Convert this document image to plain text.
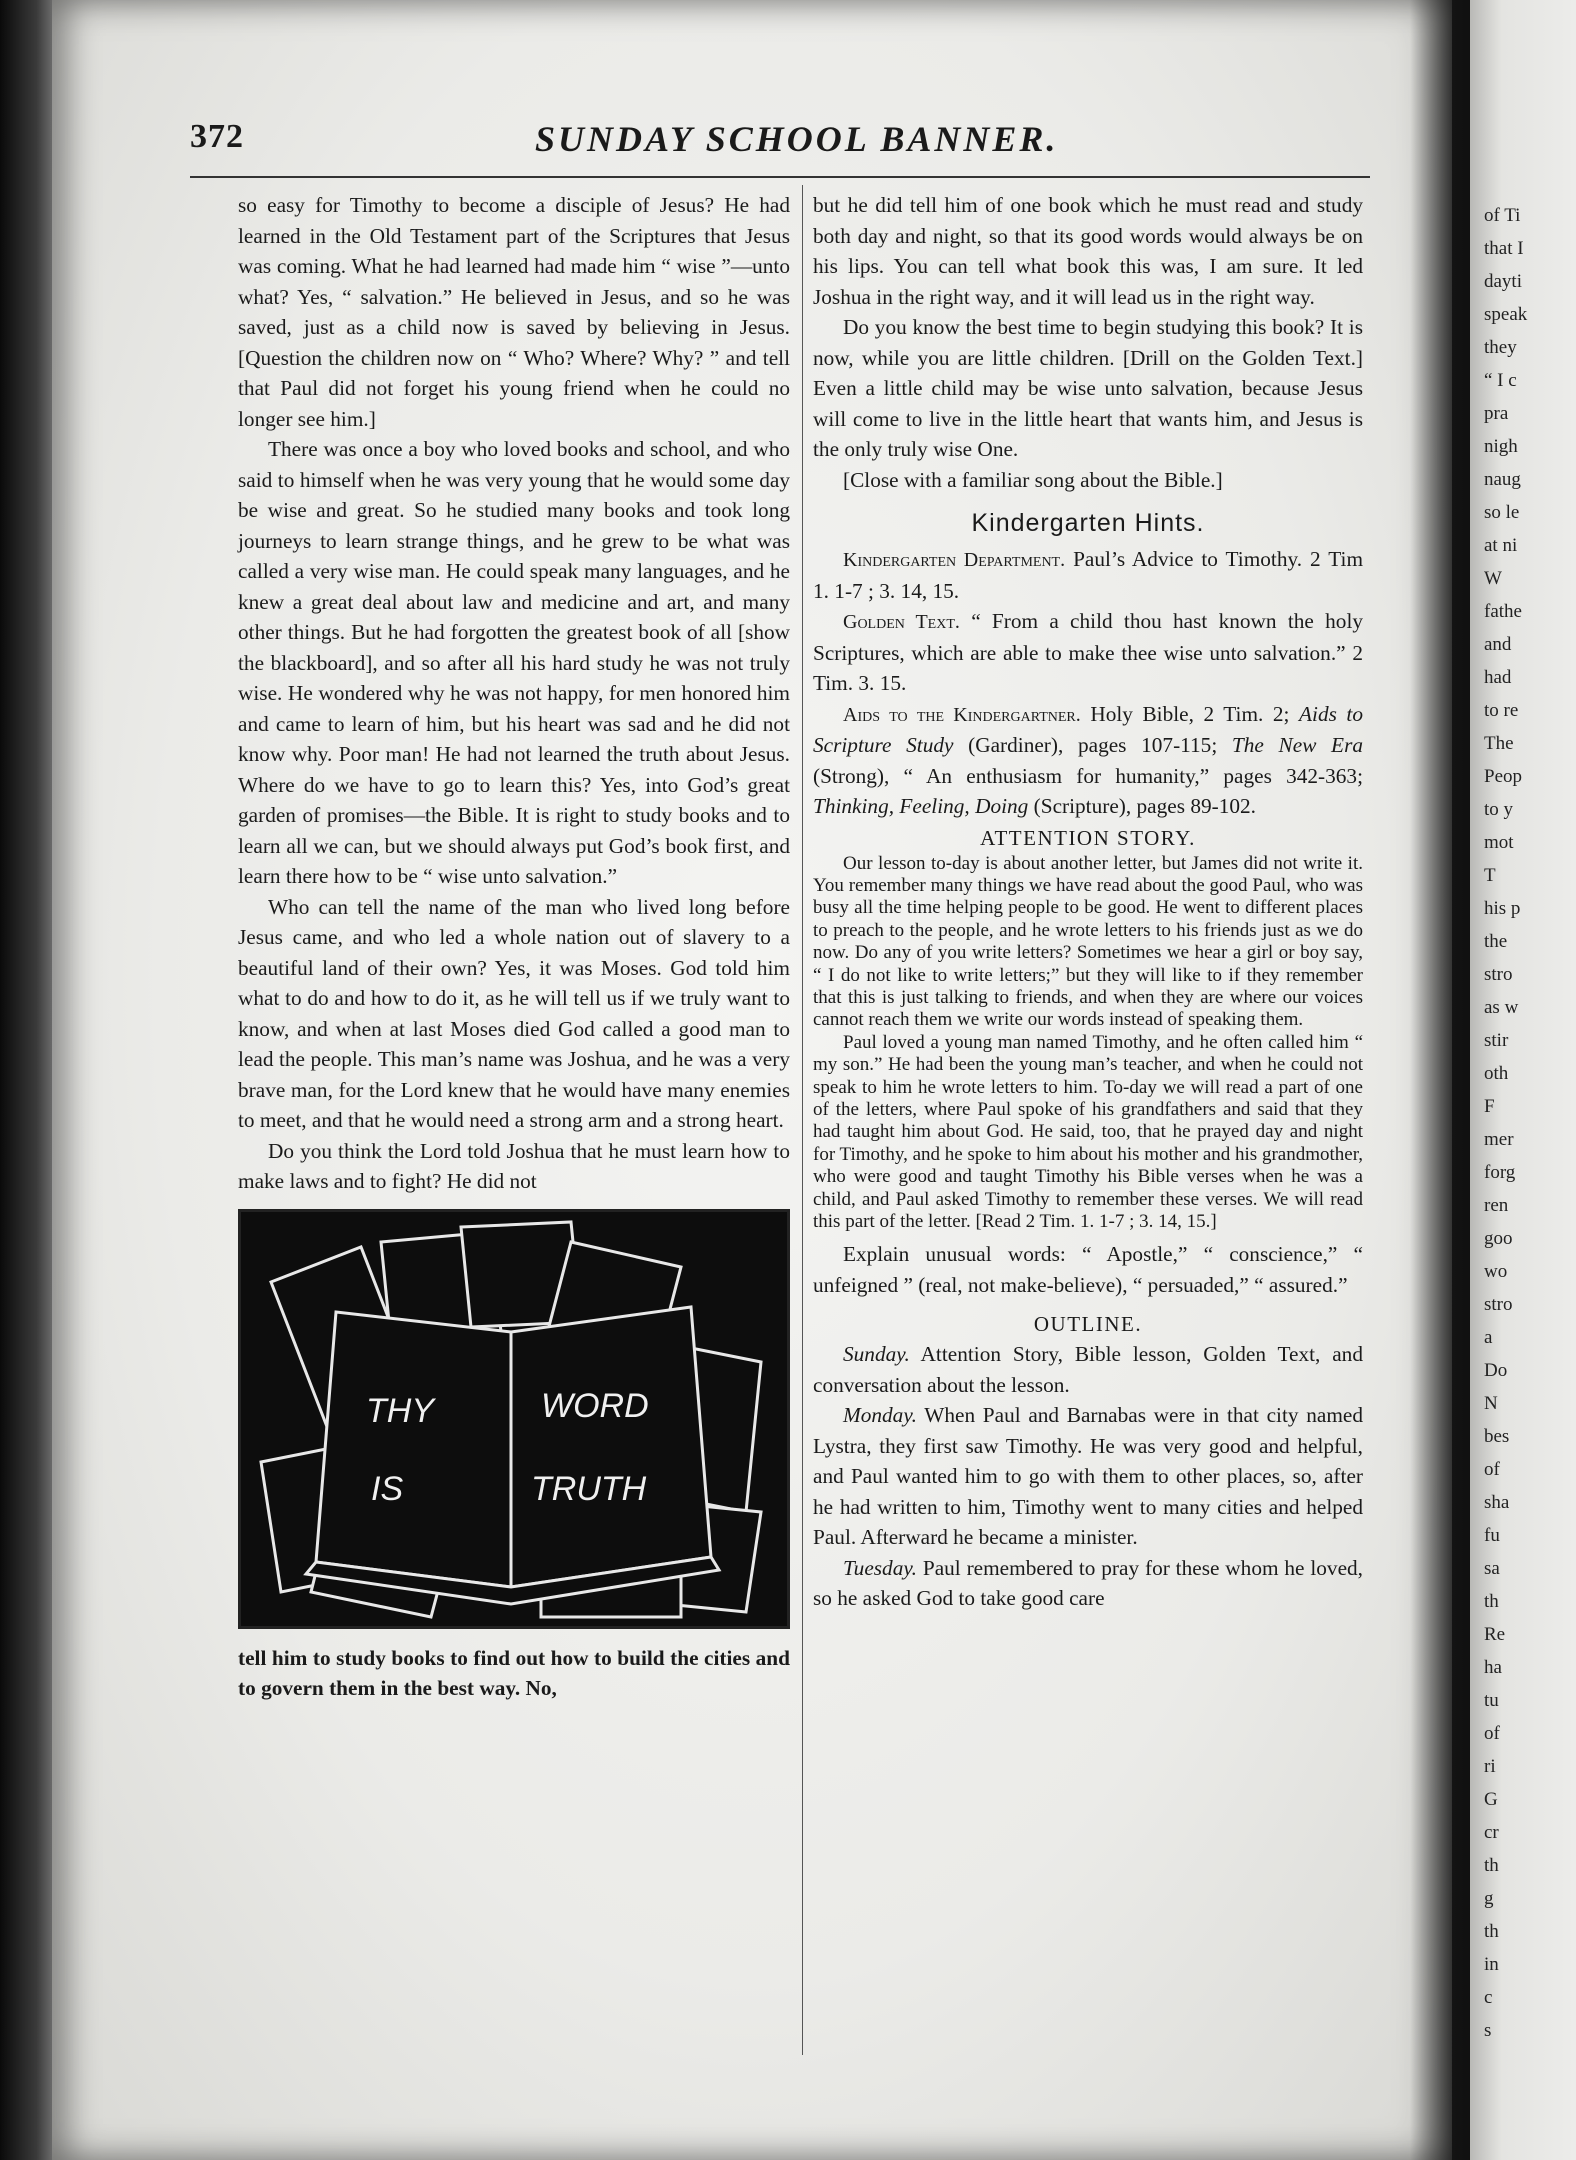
372	SUNDAY SCHOOL BANNER.

so easy for Timothy to become a disciple of Jesus? He had learned in the Old Testament part of the Scriptures that Jesus was coming. What he had learned had made him “ wise ”—unto what? Yes, “ salvation.” He believed in Jesus, and so he was saved, just as a child now is saved by believing in Jesus. [Question the children now on “ Who? Where? Why? ” and tell that Paul did not forget his young friend when he could no longer see him.]

There was once a boy who loved books and school, and who said to himself when he was very young that he would some day be wise and great. So he studied many books and took long journeys to learn strange things, and he grew to be what was called a very wise man. He could speak many languages, and he knew a great deal about law and medicine and art, and many other things. But he had forgotten the greatest book of all [show the blackboard], and so after all his hard study he was not truly wise. He wondered why he was not happy, for men honored him and came to learn of him, but his heart was sad and he did not know why. Poor man! He had not learned the truth about Jesus. Where do we have to go to learn this? Yes, into God’s great garden of promises—the Bible. It is right to study books and to learn all we can, but we should always put God’s book first, and learn there how to be “ wise unto salvation.”

Who can tell the name of the man who lived long before Jesus came, and who led a whole nation out of slavery to a beautiful land of their own? Yes, it was Moses. God told him what to do and how to do it, as he will tell us if we truly want to know, and when at last Moses died God called a good man to lead the people. This man’s name was Joshua, and he was a very brave man, for the Lord knew that he would have many enemies to meet, and that he would need a strong arm and a strong heart.

Do you think the Lord told Joshua that he must learn how to make laws and to fight? He did not

THY	WORD
IS	TRUTH

tell him to study books to find out how to build the cities and to govern them in the best way. No,

but he did tell him of one book which he must read and study both day and night, so that its good words would always be on his lips. You can tell what book this was, I am sure. It led Joshua in the right way, and it will lead us in the right way.

Do you know the best time to begin studying this book? It is now, while you are little children. [Drill on the Golden Text.] Even a little child may be wise unto salvation, because Jesus will come to live in the little heart that wants him, and Jesus is the only truly wise One.

[Close with a familiar song about the Bible.]

Kindergarten Hints.

Kindergarten Department. Paul’s Advice to Timothy. 2 Tim 1. 1-7 ; 3. 14, 15.

Golden Text. “ From a child thou hast known the holy Scriptures, which are able to make thee wise unto salvation.” 2 Tim. 3. 15.

Aids to the Kindergartner. Holy Bible, 2 Tim. 2; Aids to Scripture Study (Gardiner), pages 107-115; The New Era (Strong), “ An enthusiasm for humanity,” pages 342-363; Thinking, Feeling, Doing (Scripture), pages 89-102.

ATTENTION STORY.

Our lesson to-day is about another letter, but James did not write it. You remember many things we have read about the good Paul, who was busy all the time helping people to be good. He went to different places to preach to the people, and he wrote letters to his friends just as we do now. Do any of you write letters? Sometimes we hear a girl or boy say, “ I do not like to write letters;” but they will like to if they remember that this is just talking to friends, and when they are where our voices cannot reach them we write our words instead of speaking them.

Paul loved a young man named Timothy, and he often called him “ my son.” He had been the young man’s teacher, and when he could not speak to him he wrote letters to him. To-day we will read a part of one of the letters, where Paul spoke of his grandfathers and said that they had taught him about God. He said, too, that he prayed day and night for Timothy, and he spoke to him about his mother and his grandmother, who were good and taught Timothy his Bible verses when he was a child, and Paul asked Timothy to remember these verses. We will read this part of the letter. [Read 2 Tim. 1. 1-7 ; 3. 14, 15.]

Explain unusual words: “ Apostle,” “ conscience,” “ unfeigned ” (real, not make-believe), “ persuaded,” “ assured.”

OUTLINE.

Sunday. Attention Story, Bible lesson, Golden Text, and conversation about the lesson.

Monday. When Paul and Barnabas were in that city named Lystra, they first saw Timothy. He was very good and helpful, and Paul wanted him to go with them to other places, so, after he had written to him, Timothy went to many cities and helped Paul. Afterward he became a minister.

Tuesday. Paul remembered to pray for these whom he loved, so he asked God to take good care

of Ti
that I
dayti
speak
they
“ I c
pra
nigh
naug
so le
at ni
W
fathe
and
had
to re
The
Peop
to y
mot
T
his p
the
stro
as w
stir
oth
F
mer
forg
ren
goo
wo
stro
a
Do
N
bes
of
sha
fu
sa
th
Re
ha
tu
of
ri
G
cr
th
g
th
in
c
s
